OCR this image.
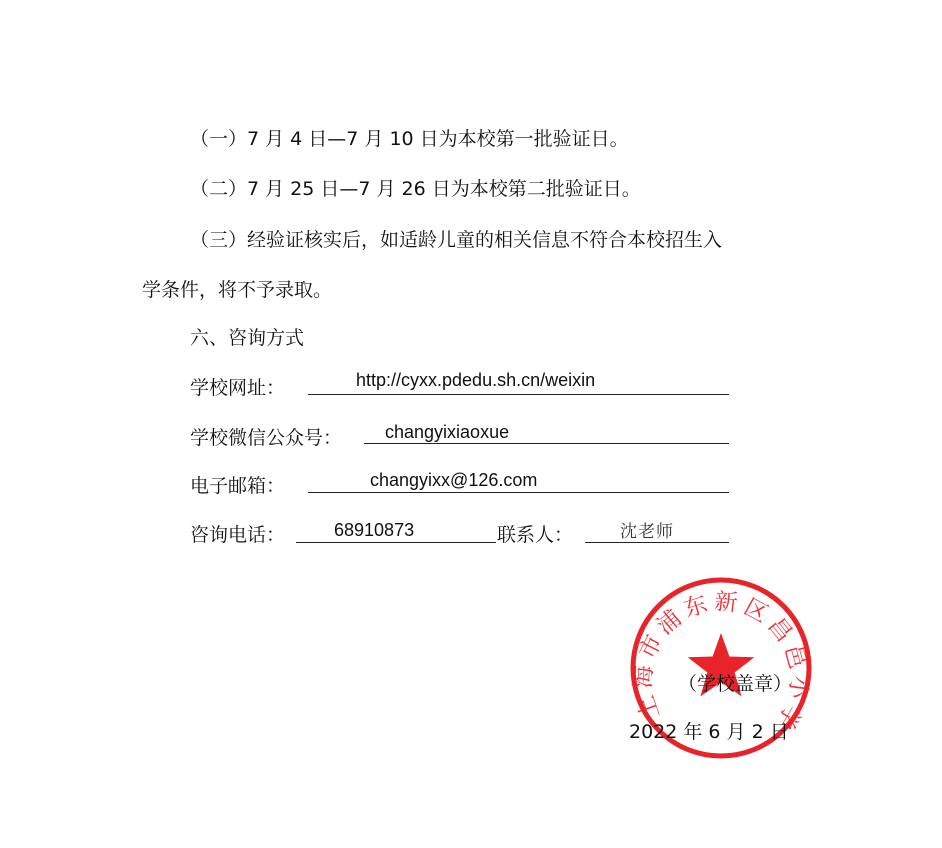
（一）7 月 4 日—7 月 10 日为本校第一批验证日。
（二）7 月 25 日—7 月 26 日为本校第二批验证日。
（三）经验证核实后，如适龄儿童的相关信息不符合本校招生入
学条件，将不予录取。
六、咨询方式
学校网址：	http://cyxx.pdedu.sh.cn/weixin
学校微信公众号： changyixiaoxue
电子邮箱：	changyixx@126.com
咨询电话：	68910873	联系人：	沈老师
（学校盖章）
2022 年 6 月 2 日
上海市浦东新区昌邑小学
